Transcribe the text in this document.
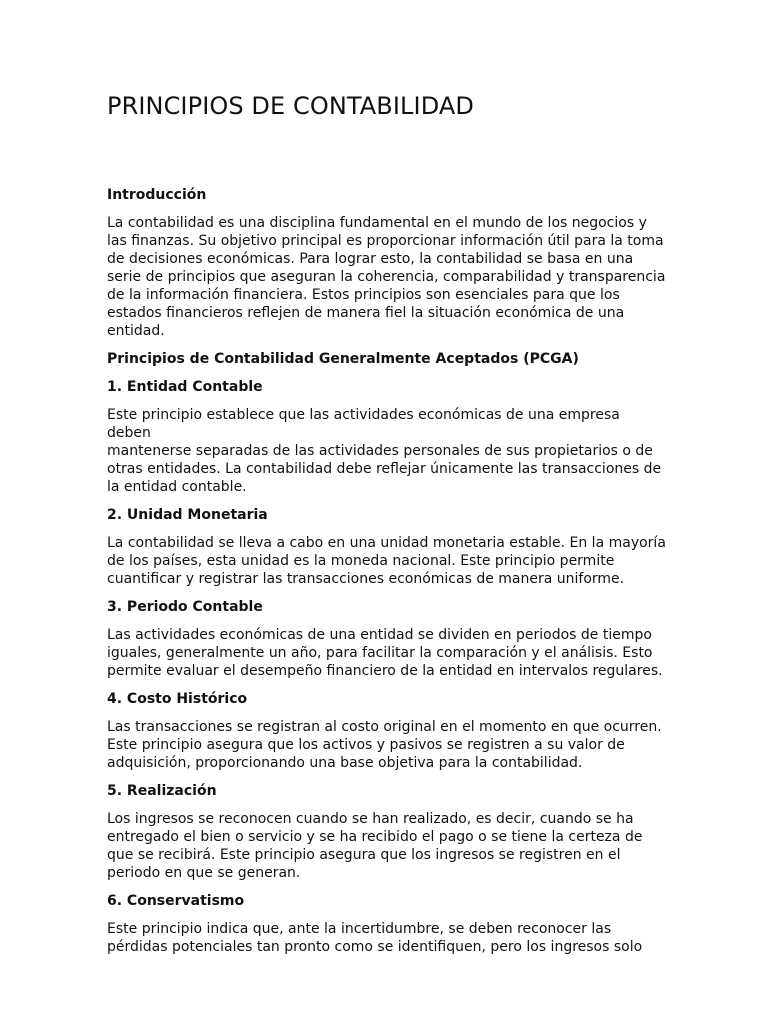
PRINCIPIOS DE CONTABILIDAD
Introducción

La contabilidad es una disciplina fundamental en el mundo de los negocios y
las finanzas. Su objetivo principal es proporcionar información útil para la toma
de decisiones económicas. Para lograr esto, la contabilidad se basa en una
serie de principios que aseguran la coherencia, comparabilidad y transparencia
de la información financiera. Estos principios son esenciales para que los
estados financieros reflejen de manera fiel la situación económica de una
entidad.

Principios de Contabilidad Generalmente Aceptados (PCGA)
1. Entidad Contable

Este principio establece que las actividades económicas de una empresa deben
mantenerse separadas de las actividades personales de sus propietarios o de
otras entidades. La contabilidad debe reflejar únicamente las transacciones de
la entidad contable.

2. Unidad Monetaria

La contabilidad se lleva a cabo en una unidad monetaria estable. En la mayoría
de los países, esta unidad es la moneda nacional. Este principio permite
cuantificar y registrar las transacciones económicas de manera uniforme.

3. Periodo Contable

Las actividades económicas de una entidad se dividen en periodos de tiempo
iguales, generalmente un año, para facilitar la comparación y el análisis. Esto
permite evaluar el desempeño financiero de la entidad en intervalos regulares.

4. Costo Histórico

Las transacciones se registran al costo original en el momento en que ocurren.
Este principio asegura que los activos y pasivos se registren a su valor de
adquisición, proporcionando una base objetiva para la contabilidad.

5. Realización

Los ingresos se reconocen cuando se han realizado, es decir, cuando se ha
entregado el bien o servicio y se ha recibido el pago o se tiene la certeza de
que se recibirá. Este principio asegura que los ingresos se registren en el
periodo en que se generan.

6. Conservatismo

Este principio indica que, ante la incertidumbre, se deben reconocer las
pérdidas potenciales tan pronto como se identifiquen, pero los ingresos solo
